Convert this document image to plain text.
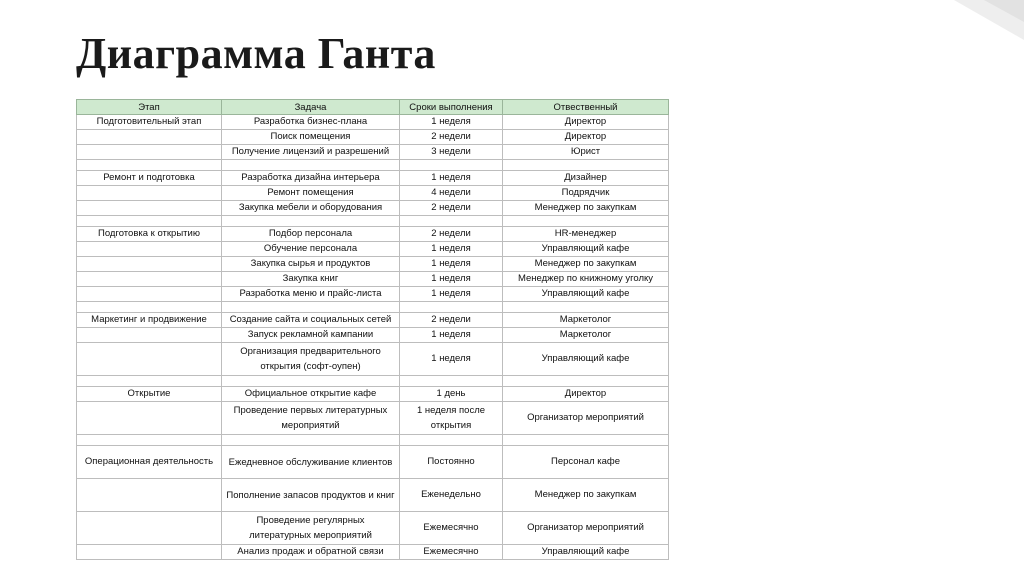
Диаграмма Ганта
Этап	Задача	Сроки выполнения	Отвественный
Подготовительный этап	Разработка бизнес-плана	1 неделя	Директор
	Поиск помещения	2 недели	Директор
	Получение лицензий и разрешений	3 недели	Юрист

Ремонт и подготовка	Разработка дизайна интерьера	1 неделя	Дизайнер
	Ремонт помещения	4 недели	Подрядчик
	Закупка мебели и оборудования	2 недели	Менеджер по закупкам

Подготовка к открытию	Подбор персонала	2 недели	HR-менеджер
	Обучение персонала	1 неделя	Управляющий кафе
	Закупка сырья и продуктов	1 неделя	Менеджер по закупкам
	Закупка книг	1 неделя	Менеджер по книжному уголку
	Разработка меню и прайс-листа	1 неделя	Управляющий кафе

Маркетинг и продвижение	Создание сайта и социальных сетей	2 недели	Маркетолог
	Запуск рекламной кампании	1 неделя	Маркетолог
	Организация предварительного открытия (софт-оупен)	1 неделя	Управляющий кафе

Открытие	Официальное открытие кафе	1 день	Директор
	Проведение первых литературных мероприятий	1 неделя после открытия	Организатор мероприятий

Операционная деятельность	Ежедневное обслуживание клиентов	Постоянно	Персонал кафе
	Пополнение запасов продуктов и книг	Еженедельно	Менеджер по закупкам
	Проведение регулярных литературных мероприятий	Ежемесячно	Организатор мероприятий
	Анализ продаж и обратной связи	Ежемесячно	Управляющий кафе
